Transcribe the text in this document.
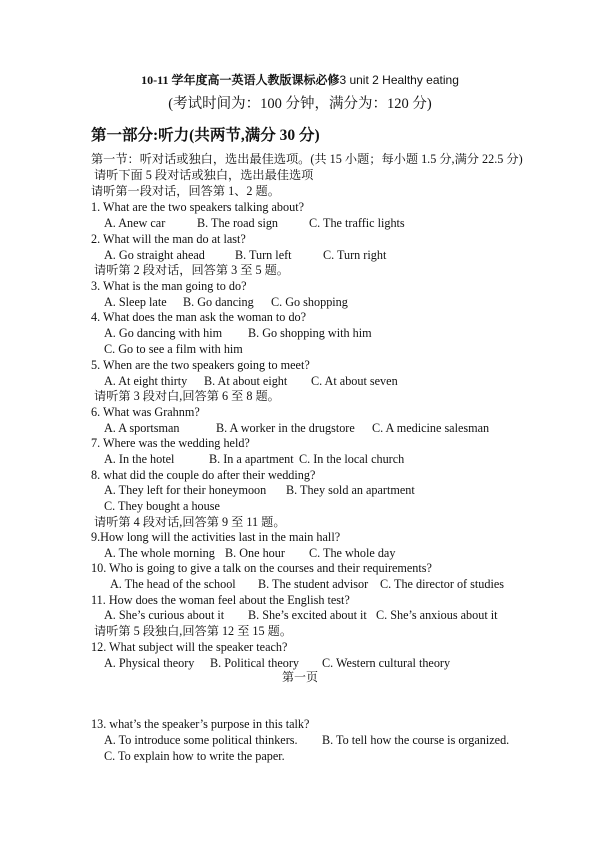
10-11 学年度高一英语人教版课标必修3 unit 2 Healthy eating
(考试时间为：100 分钟，满分为：120 分)
第一部分:听力(共两节,满分 30 分)
第一节：听对话或独白，选出最佳选项。(共 15 小题；每小题 1.5 分,满分 22.5 分)
请听下面 5 段对话或独白，选出最佳选项
请听第一段对话，回答第 1、2 题。
1. What are the two speakers talking about?
A. Anew car	B. The road sign	C. The traffic lights
2. What will the man do at last?
A. Go straight ahead B. Turn left	C. Turn right
请听第 2 段对话，回答第 3 至 5 题。
3. What is the man going to do?
A. Sleep late B. Go dancing C. Go shopping
4. What does the man ask the woman to do?
A. Go dancing with him B. Go shopping with him
C. Go to see a film with him
5. When are the two speakers going to meet?
A. At eight thirty B. At about eight C. At about seven
请听第 3 段对白,回答第 6 至 8 题。
6. What was Grahnm?
A. A sportsman	B. A worker in the drugstore C. A medicine salesman
7. Where was the wedding held?
A. In the hotel	B. In a apartment C. In the local church
8. what did the couple do after their wedding?
A. They left for their honeymoon B. They sold an apartment
C. They bought a house
请听第 4 段对话,回答第 9 至 11 题。
9.How long will the activities last in the main hall?
A. The whole morning B. One hour C. The whole day
10. Who is going to give a talk on the courses and their requirements?
A. The head of the school B. The student advisor C. The director of studies
11. How does the woman feel about the English test?
A. She’s curious about it B. She’s excited about it C. She’s anxious about it
请听第 5 段独白,回答第 12 至 15 题。
12. What subject will the speaker teach?
A. Physical theory B. Political theory C. Western cultural theory
第一页
13. what’s the speaker’s purpose in this talk?
A. To introduce some political thinkers. B. To tell how the course is organized.
C. To explain how to write the paper.
